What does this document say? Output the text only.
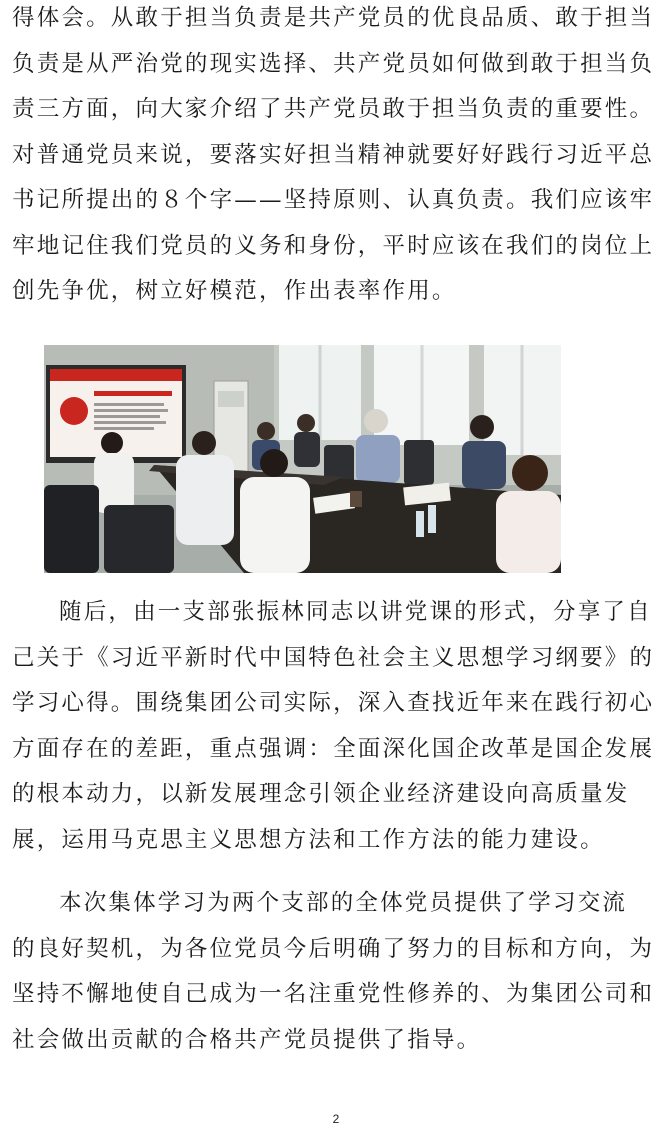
得体会。从敢于担当负责是共产党员的优良品质、敢于担当
负责是从严治党的现实选择、共产党员如何做到敢于担当负
责三方面，向大家介绍了共产党员敢于担当负责的重要性。
对普通党员来说，要落实好担当精神就要好好践行习近平总
书记所提出的８个字——坚持原则、认真负责。我们应该牢
牢地记住我们党员的义务和身份，平时应该在我们的岗位上
创先争优，树立好模范，作出表率作用。
随后，由一支部张振林同志以讲党课的形式，分享了自
己关于《习近平新时代中国特色社会主义思想学习纲要》的
学习心得。围绕集团公司实际，深入查找近年来在践行初心
方面存在的差距，重点强调：全面深化国企改革是国企发展
的根本动力，以新发展理念引领企业经济建设向高质量发
展，运用马克思主义思想方法和工作方法的能力建设。
本次集体学习为两个支部的全体党员提供了学习交流
的良好契机，为各位党员今后明确了努力的目标和方向，为
坚持不懈地使自己成为一名注重党性修养的、为集团公司和
社会做出贡献的合格共产党员提供了指导。
2
